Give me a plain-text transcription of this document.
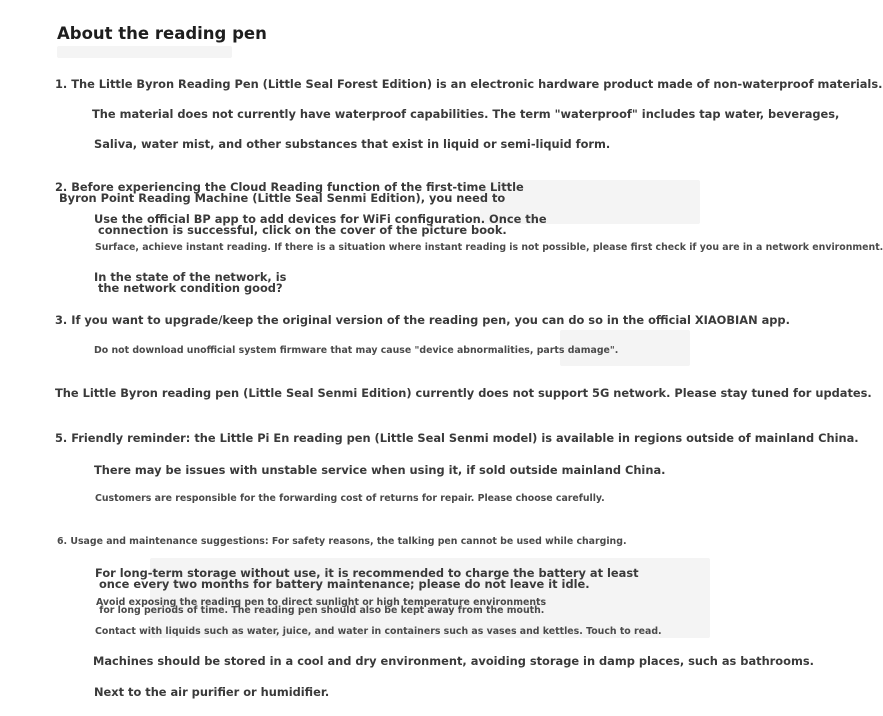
About the reading pen
1. The Little Byron Reading Pen (Little Seal Forest Edition) is an electronic hardware product made of non-waterproof materials.
The material does not currently have waterproof capabilities. The term "waterproof" includes tap water, beverages,
Saliva, water mist, and other substances that exist in liquid or semi-liquid form.
2. Before experiencing the Cloud Reading function of the first-time Little
Byron Point Reading Machine (Little Seal Senmi Edition), you need to
Use the official BP app to add devices for WiFi configuration. Once the
connection is successful, click on the cover of the picture book.
Surface, achieve instant reading. If there is a situation where instant reading is not possible, please first check if you are in a network environment.
In the state of the network, is
the network condition good?
3. If you want to upgrade/keep the original version of the reading pen, you can do so in the official XIAOBIAN app.
Do not download unofficial system firmware that may cause "device abnormalities, parts damage".
The Little Byron reading pen (Little Seal Senmi Edition) currently does not support 5G network. Please stay tuned for updates.
5. Friendly reminder: the Little Pi En reading pen (Little Seal Senmi model) is available in regions outside of mainland China.
There may be issues with unstable service when using it, if sold outside mainland China.
Customers are responsible for the forwarding cost of returns for repair. Please choose carefully.
6. Usage and maintenance suggestions: For safety reasons, the talking pen cannot be used while charging.
For long-term storage without use, it is recommended to charge the battery at least
once every two months for battery maintenance; please do not leave it idle.
Avoid exposing the reading pen to direct sunlight or high temperature environments
for long periods of time. The reading pen should also be kept away from the mouth.
Contact with liquids such as water, juice, and water in containers such as vases and kettles. Touch to read.
Machines should be stored in a cool and dry environment, avoiding storage in damp places, such as bathrooms.
Next to the air purifier or humidifier.
